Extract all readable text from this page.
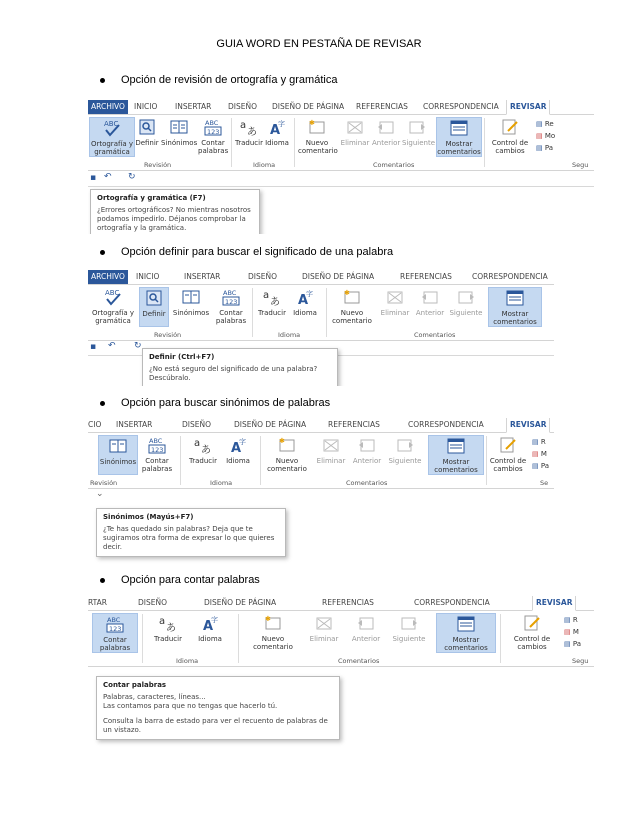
GUIA WORD EN PESTAÑA DE REVISAR
Opción de revisión de ortografía y gramática
ARCHIVO	INICIO INSERTAR DISEÑO DISEÑO DE PÁGINA REFERENCIAS CORRESPONDENCIA	REVISAR
ABC
Ortografía y gramática
Definir Sinónimos
ABC
123
Contar palabras
a
あ
Traducir
A
字
Idioma
✱
Nuevo comentario
Eliminar Anterior Siguiente	Mostrar comentarios
Control de cambios
▤ Re
▤ Mo
▤ Pa
Revisión	Idioma	Comentarios	Segu
▪ ↶ ↻
Ortografía y gramática (F7)
¿Errores ortográficos? No mientras nosotros podamos impedirlo. Déjanos comprobar la ortografía y la gramática.
Opción definir para buscar el significado de una palabra
ARCHIVO	INICIO	INSERTAR	DISEÑO	DISEÑO DE PÁGINA	REFERENCIAS	CORRESPONDENCIA
ABC
Ortografía y gramática
Definir	Sinónimos
ABC
123
Contar palabras
a
あ
Traducir
A
字
Idioma
✱
Nuevo comentario
Eliminar Anterior Siguiente	Mostrar comentarios
Revisión	Idioma	Comentarios
▪ ↶ ↻
Definir (Ctrl+F7)
¿No está seguro del significado de una palabra? Descúbralo.
Opción para buscar sinónimos de palabras
CIO INSERTAR	DISEÑO	DISEÑO DE PÁGINA	REFERENCIAS	CORRESPONDENCIA	REVISAR
Sinónimos
ABC
123
Contar palabras
a
あ
Traducir
A
字
Idioma
✱
Nuevo comentario
Eliminar	Anterior	Siguiente	Mostrar comentarios
Control de cambios
▤ R
▤ M
▤ Pa
Revisión	Idioma	Comentarios	Se
⌄
Sinónimos (Mayús+F7)
¿Te has quedado sin palabras? Deja que te sugiramos otra forma de expresar lo que quieres decir.
Opción para contar palabras
RTAR	DISEÑO	DISEÑO DE PÁGINA	REFERENCIAS	CORRESPONDENCIA	REVISAR
ABC
123
Contar palabras
a
あ
Traducir
A
字
Idioma
✱
Nuevo comentario
Eliminar	Anterior	Siguiente	Mostrar comentarios
Control de cambios
▤ R
▤ M
▤ Pa
Idioma	Comentarios	Segu
Contar palabras
Palabras, caracteres, líneas...
Las contamos para que no tengas que hacerlo tú.
Consulta la barra de estado para ver el recuento de palabras de un vistazo.
